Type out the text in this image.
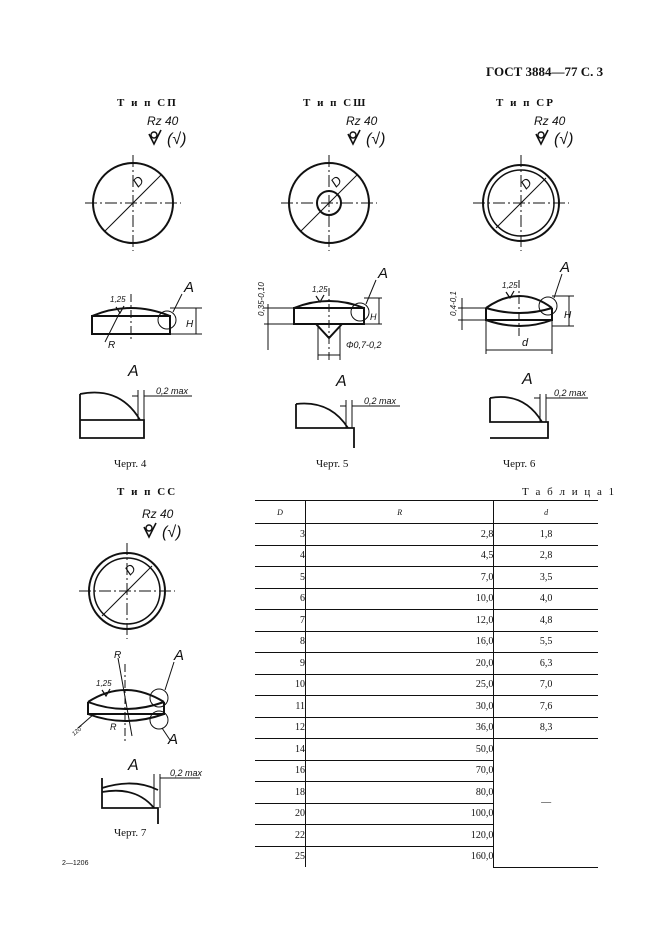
ГОСТ 3884—77 С. 3
Т и п СП	Т и п СШ	Т и п СР
Т и п СС
Rz 40
(√)
Rz 40
(√)
Rz 40
(√)
Rz 40
(√)
D	D	D
D
A
H
1,25
R
A
H
1,25
0,35-0,10
Φ0,7-0,2
A
H
1,25
d
0,4-0,1
A
A
R
1,25
R
120°
A
0,2 max
A
0,2 max
A
0,2 max
A	0,2 max
Черт. 4	Черт. 5	Черт. 6
Черт. 7
Т а б л и ц а 1
D	R	d
3	2,8	1,8
4	4,5	2,8
5	7,0	3,5
6	10,0	4,0
7	12,0	4,8
8	16,0	5,5
9	20,0	6,3
10	25,0	7,0
11	30,0	7,6
12	36,0	8,3
14	50,0	—
16	70,0	
18	80,0	
20	100,0	
22	120,0	
25	160,0	
2—1206
